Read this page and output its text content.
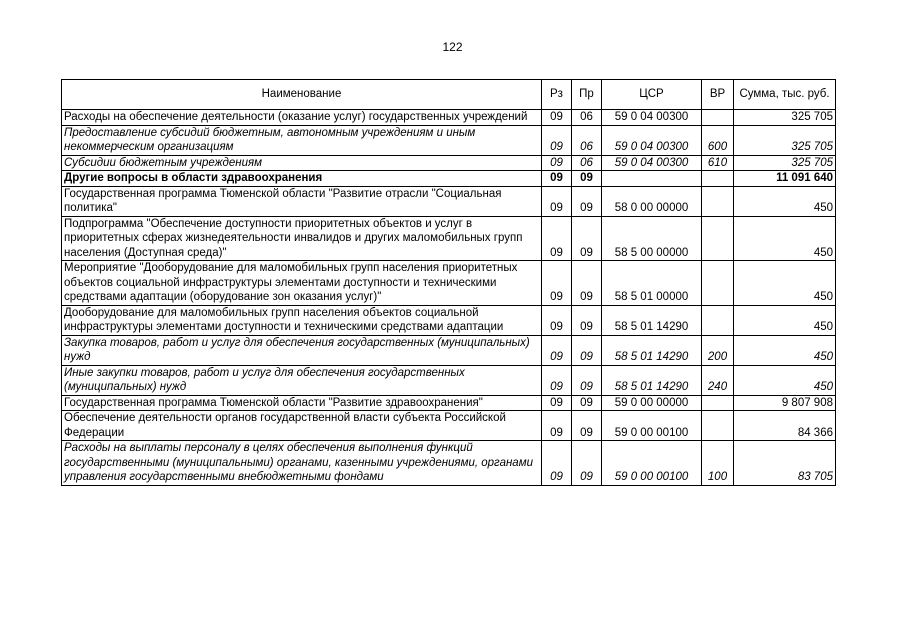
122
Наименование	Рз	Пр	ЦСР	ВР	Сумма, тыс. руб.
Расходы на обеспечение деятельности (оказание услуг) государственных учреждений	09	06	59 0 04 00300		325 705
Предоставление субсидий бюджетным, автономным учреждениям и иным некоммерческим организациям	09	06	59 0 04 00300	600	325 705
Субсидии бюджетным учреждениям	09	06	59 0 04 00300	610	325 705
Другие вопросы в области здравоохранения	09	09			11 091 640
Государственная программа Тюменской области "Развитие отрасли "Социальная политика"	09	09	58 0 00 00000		450
Подпрограмма "Обеспечение доступности приоритетных объектов и услуг в приоритетных сферах жизнедеятельности инвалидов и других маломобильных групп населения (Доступная среда)"	09	09	58 5 00 00000		450
Мероприятие "Дооборудование для маломобильных групп населения приоритетных объектов социальной инфраструктуры элементами доступности и техническими средствами адаптации (оборудование зон оказания услуг)"	09	09	58 5 01 00000		450
Дооборудование для маломобильных групп населения объектов социальной инфраструктуры элементами доступности и техническими средствами адаптации	09	09	58 5 01 14290		450
Закупка товаров, работ и услуг для обеспечения государственных (муниципальных) нужд	09	09	58 5 01 14290	200	450
Иные закупки товаров, работ и услуг для обеспечения государственных (муниципальных) нужд	09	09	58 5 01 14290	240	450
Государственная программа Тюменской области "Развитие здравоохранения"	09	09	59 0 00 00000		9 807 908
Обеспечение деятельности органов государственной власти субъекта Российской Федерации	09	09	59 0 00 00100		84 366
Расходы на выплаты персоналу в целях обеспечения выполнения функций государственными (муниципальными) органами, казенными учреждениями, органами управления государственными внебюджетными фондами	09	09	59 0 00 00100	100	83 705
